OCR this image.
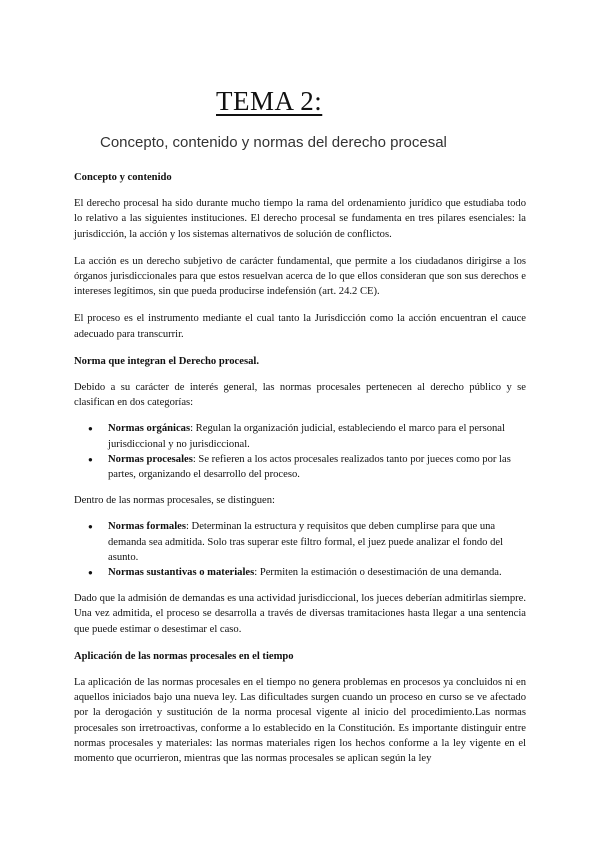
TEMA 2:
Concepto, contenido y normas del derecho procesal

Concepto y contenido

El derecho procesal ha sido durante mucho tiempo la rama del ordenamiento jurídico que estudiaba todo lo relativo a las siguientes instituciones. El derecho procesal se fundamenta en tres pilares esenciales: la jurisdicción, la acción y los sistemas alternativos de solución de conflictos.

La acción es un derecho subjetivo de carácter fundamental, que permite a los ciudadanos dirigirse a los órganos jurisdiccionales para que estos resuelvan acerca de lo que ellos consideran que son sus derechos e intereses legítimos, sin que pueda producirse indefensión (art. 24.2 CE).

El proceso es el instrumento mediante el cual tanto la Jurisdicción como la acción encuentran el cauce adecuado para transcurrir.

Norma que integran el Derecho procesal.

Debido a su carácter de interés general, las normas procesales pertenecen al derecho público y se clasifican en dos categorías:

● Normas orgánicas: Regulan la organización judicial, estableciendo el marco para el personal jurisdiccional y no jurisdiccional.
● Normas procesales: Se refieren a los actos procesales realizados tanto por jueces como por las partes, organizando el desarrollo del proceso.

Dentro de las normas procesales, se distinguen:

● Normas formales: Determinan la estructura y requisitos que deben cumplirse para que una demanda sea admitida. Solo tras superar este filtro formal, el juez puede analizar el fondo del asunto.
● Normas sustantivas o materiales: Permiten la estimación o desestimación de una demanda.

Dado que la admisión de demandas es una actividad jurisdiccional, los jueces deberían admitirlas siempre. Una vez admitida, el proceso se desarrolla a través de diversas tramitaciones hasta llegar a una sentencia que puede estimar o desestimar el caso.

Aplicación de las normas procesales en el tiempo

La aplicación de las normas procesales en el tiempo no genera problemas en procesos ya concluidos ni en aquellos iniciados bajo una nueva ley. Las dificultades surgen cuando un proceso en curso se ve afectado por la derogación y sustitución de la norma procesal vigente al inicio del procedimiento.Las normas procesales son irretroactivas, conforme a lo establecido en la Constitución. Es importante distinguir entre normas procesales y materiales: las normas materiales rigen los hechos conforme a la ley vigente en el momento que ocurrieron, mientras que las normas procesales se aplican según la ley
